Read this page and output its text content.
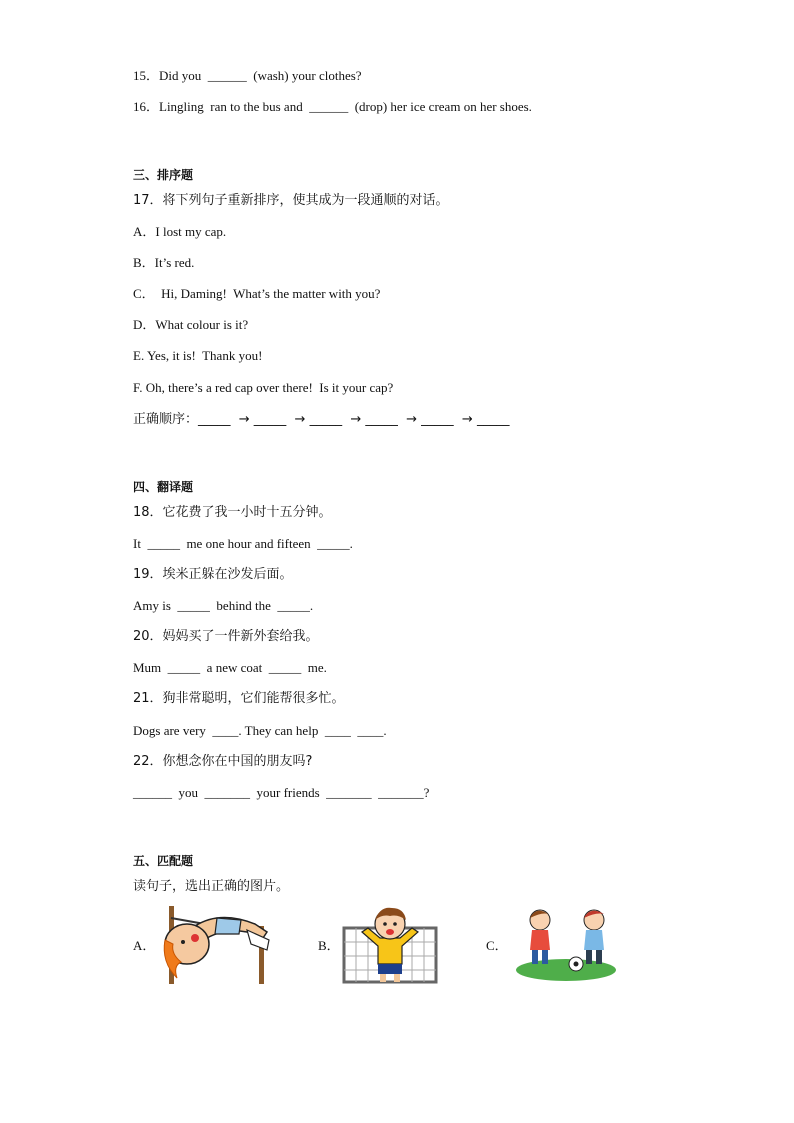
15．Did you  ______  (wash) your clothes?
16．Lingling  ran to the bus and  ______  (drop) her ice cream on her shoes.
三、排序题
17．将下列句子重新排序，使其成为一段通顺的对话。
A．I lost my cap.
B．It’s red.
C．  Hi, Daming!  What’s the matter with you?
D．What colour is it?
E. Yes, it is!  Thank you!
F. Oh, there’s a red cap over there!  Is it your cap?
正确顺序：_____  → _____  → _____  → _____  → _____  → _____
四、翻译题
18．它花费了我一小时十五分钟。
It  _____  me one hour and fifteen  _____.
19．埃米正躲在沙发后面。
Amy is  _____  behind the  _____.
20．妈妈买了一件新外套给我。
Mum  _____  a new coat  _____  me.
21．狗非常聪明，它们能帮很多忙。
Dogs are very  ____. They can help  ____  ____.
22．你想念你在中国的朋友吗?
______  you  _______  your friends  _______  _______?
五、匹配题
读句子，选出正确的图片。
A．	B．	C．
